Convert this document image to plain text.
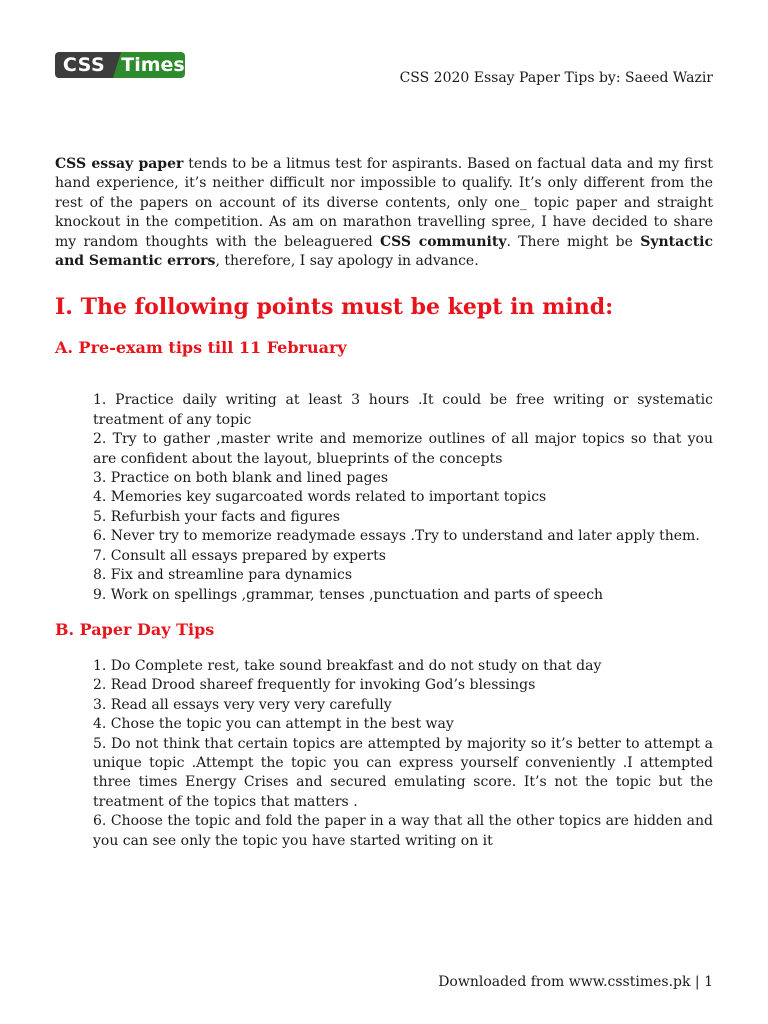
CSS Times
CSS 2020 Essay Paper Tips by: Saeed Wazir

CSS essay paper tends to be a litmus test for aspirants. Based on factual data and my first hand experience, it’s neither difficult nor impossible to qualify. It’s only different from the rest of the papers on account of its diverse contents, only one_ topic paper and straight knockout in the competition. As am on marathon travelling spree, I have decided to share my random thoughts with the beleaguered CSS community. There might be Syntactic and Semantic errors, therefore, I say apology in advance.

I. The following points must be kept in mind:
A. Pre-exam tips till 11 February
1. Practice daily writing at least 3 hours .It could be free writing or systematic treatment of any topic
2. Try to gather ,master write and memorize outlines of all major topics so that you are confident about the layout, blueprints of the concepts
3. Practice on both blank and lined pages
4. Memories key sugarcoated words related to important topics
5. Refurbish your facts and figures
6. Never try to memorize readymade essays .Try to understand and later apply them.
7. Consult all essays prepared by experts
8. Fix and streamline para dynamics
9. Work on spellings ,grammar, tenses ,punctuation and parts of speech
B. Paper Day Tips
1. Do Complete rest, take sound breakfast and do not study on that day
2. Read Drood shareef frequently for invoking God’s blessings
3. Read all essays very very very carefully
4. Chose the topic you can attempt in the best way
5. Do not think that certain topics are attempted by majority so it’s better to attempt a unique topic .Attempt the topic you can express yourself conveniently .I attempted three times Energy Crises and secured emulating score. It’s not the topic but the treatment of the topics that matters .
6. Choose the topic and fold the paper in a way that all the other topics are hidden and you can see only the topic you have started writing on it
Downloaded from www.csstimes.pk | 1
